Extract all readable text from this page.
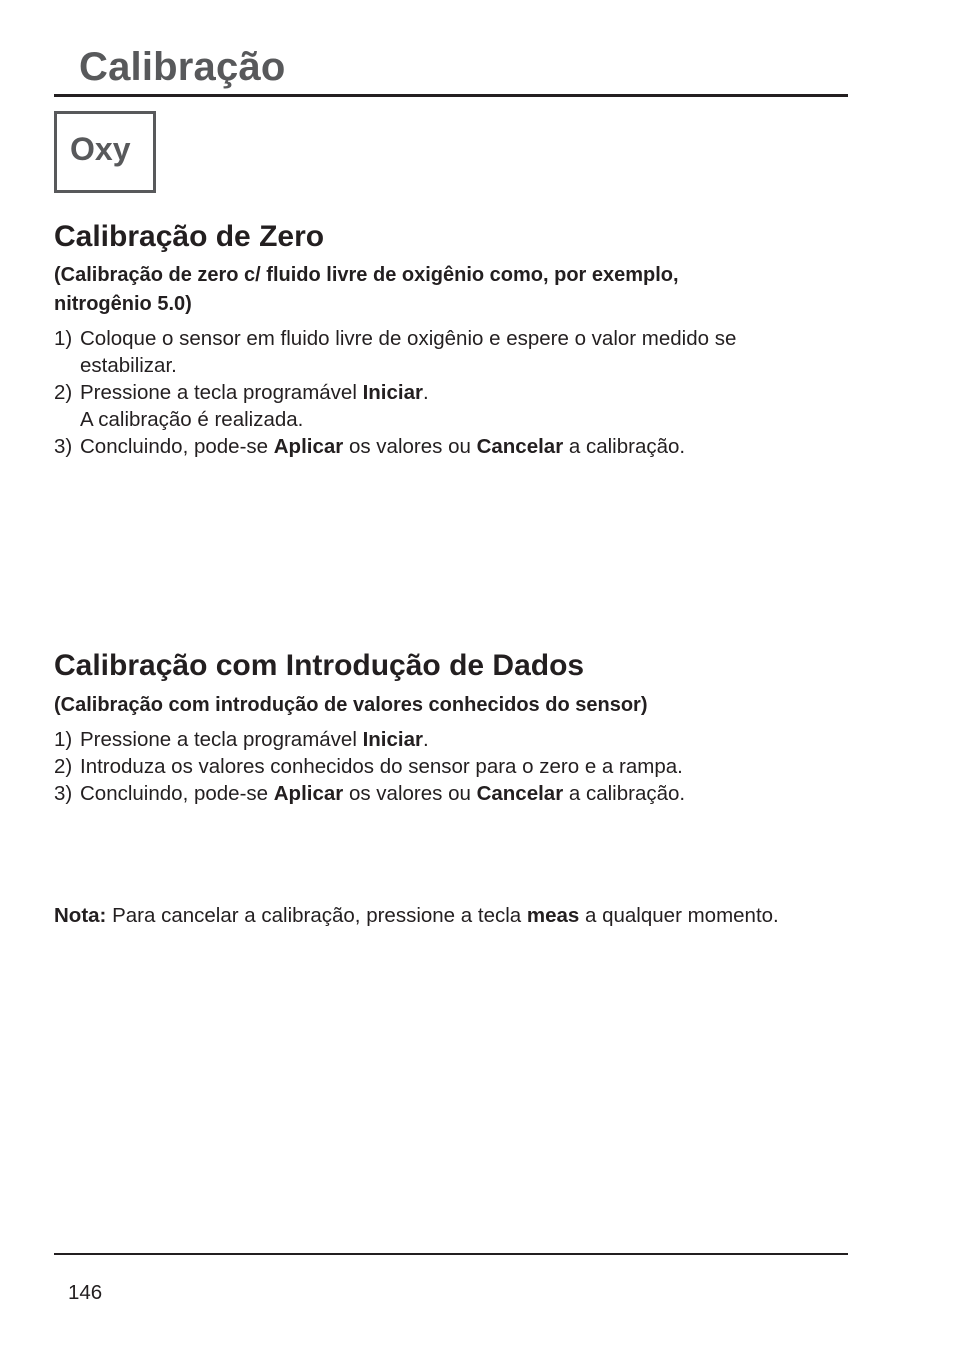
Calibração
Oxy
Calibração de Zero
(Calibração de zero c/ fluido livre de oxigênio como, por exemplo,
nitrogênio 5.0)
1) Coloque o sensor em fluido livre de oxigênio e espere o valor medido se
estabilizar.
2) Pressione a tecla programável Iniciar.
A calibração é realizada.
3) Concluindo, pode-se Aplicar os valores ou Cancelar a calibração.
Calibração com Introdução de Dados
(Calibração com introdução de valores conhecidos do sensor)
1) Pressione a tecla programável Iniciar.
2) Introduza os valores conhecidos do sensor para o zero e a rampa.
3) Concluindo, pode-se Aplicar os valores ou Cancelar a calibração.
Nota: Para cancelar a calibração, pressione a tecla meas a qualquer momento.
146
